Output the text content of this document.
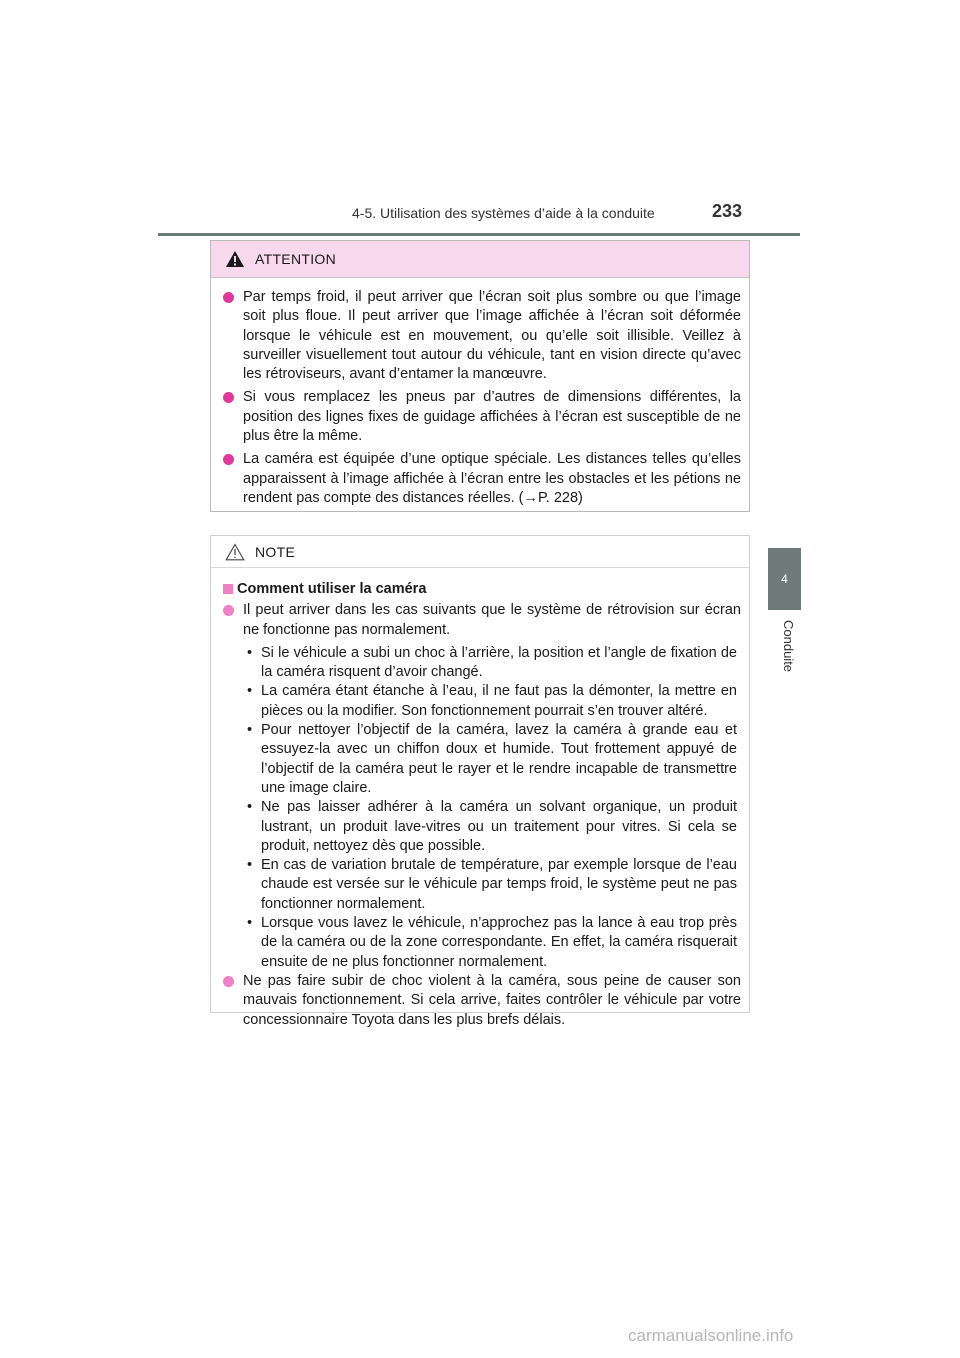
4-5. Utilisation des systèmes d’aide à la conduite	233
4
Conduite
ATTENTION
Par temps froid, il peut arriver que l’écran soit plus sombre ou que l’image soit plus floue. Il peut arriver que l’image affichée à l’écran soit déformée lorsque le véhicule est en mouvement, ou qu’elle soit illisible. Veillez à surveiller visuellement tout autour du véhicule, tant en vision directe qu’avec les rétroviseurs, avant d’entamer la manœuvre.
Si vous remplacez les pneus par d’autres de dimensions différentes, la position des lignes fixes de guidage affichées à l’écran est susceptible de ne plus être la même.
La caméra est équipée d’une optique spéciale. Les distances telles qu’elles apparaissent à l’image affichée à l’écran entre les obstacles et les pétions ne rendent pas compte des distances réelles. (→P. 228)
NOTE
Comment utiliser la caméra
Il peut arriver dans les cas suivants que le système de rétrovision sur écran ne fonctionne pas normalement.
• Si le véhicule a subi un choc à l’arrière, la position et l’angle de fixation de la caméra risquent d’avoir changé.
• La caméra étant étanche à l’eau, il ne faut pas la démonter, la mettre en pièces ou la modifier. Son fonctionnement pourrait s’en trouver altéré.
• Pour nettoyer l’objectif de la caméra, lavez la caméra à grande eau et essuyez-la avec un chiffon doux et humide. Tout frottement appuyé de l’objectif de la caméra peut le rayer et le rendre incapable de transmettre une image claire.
• Ne pas laisser adhérer à la caméra un solvant organique, un produit lustrant, un produit lave-vitres ou un traitement pour vitres. Si cela se produit, nettoyez dès que possible.
• En cas de variation brutale de température, par exemple lorsque de l’eau chaude est versée sur le véhicule par temps froid, le système peut ne pas fonctionner normalement.
• Lorsque vous lavez le véhicule, n’approchez pas la lance à eau trop près de la caméra ou de la zone correspondante. En effet, la caméra risquerait ensuite de ne plus fonctionner normalement.
Ne pas faire subir de choc violent à la caméra, sous peine de causer son mauvais fonctionnement. Si cela arrive, faites contrôler le véhicule par votre concessionnaire Toyota dans les plus brefs délais.
carmanualsonline.info
